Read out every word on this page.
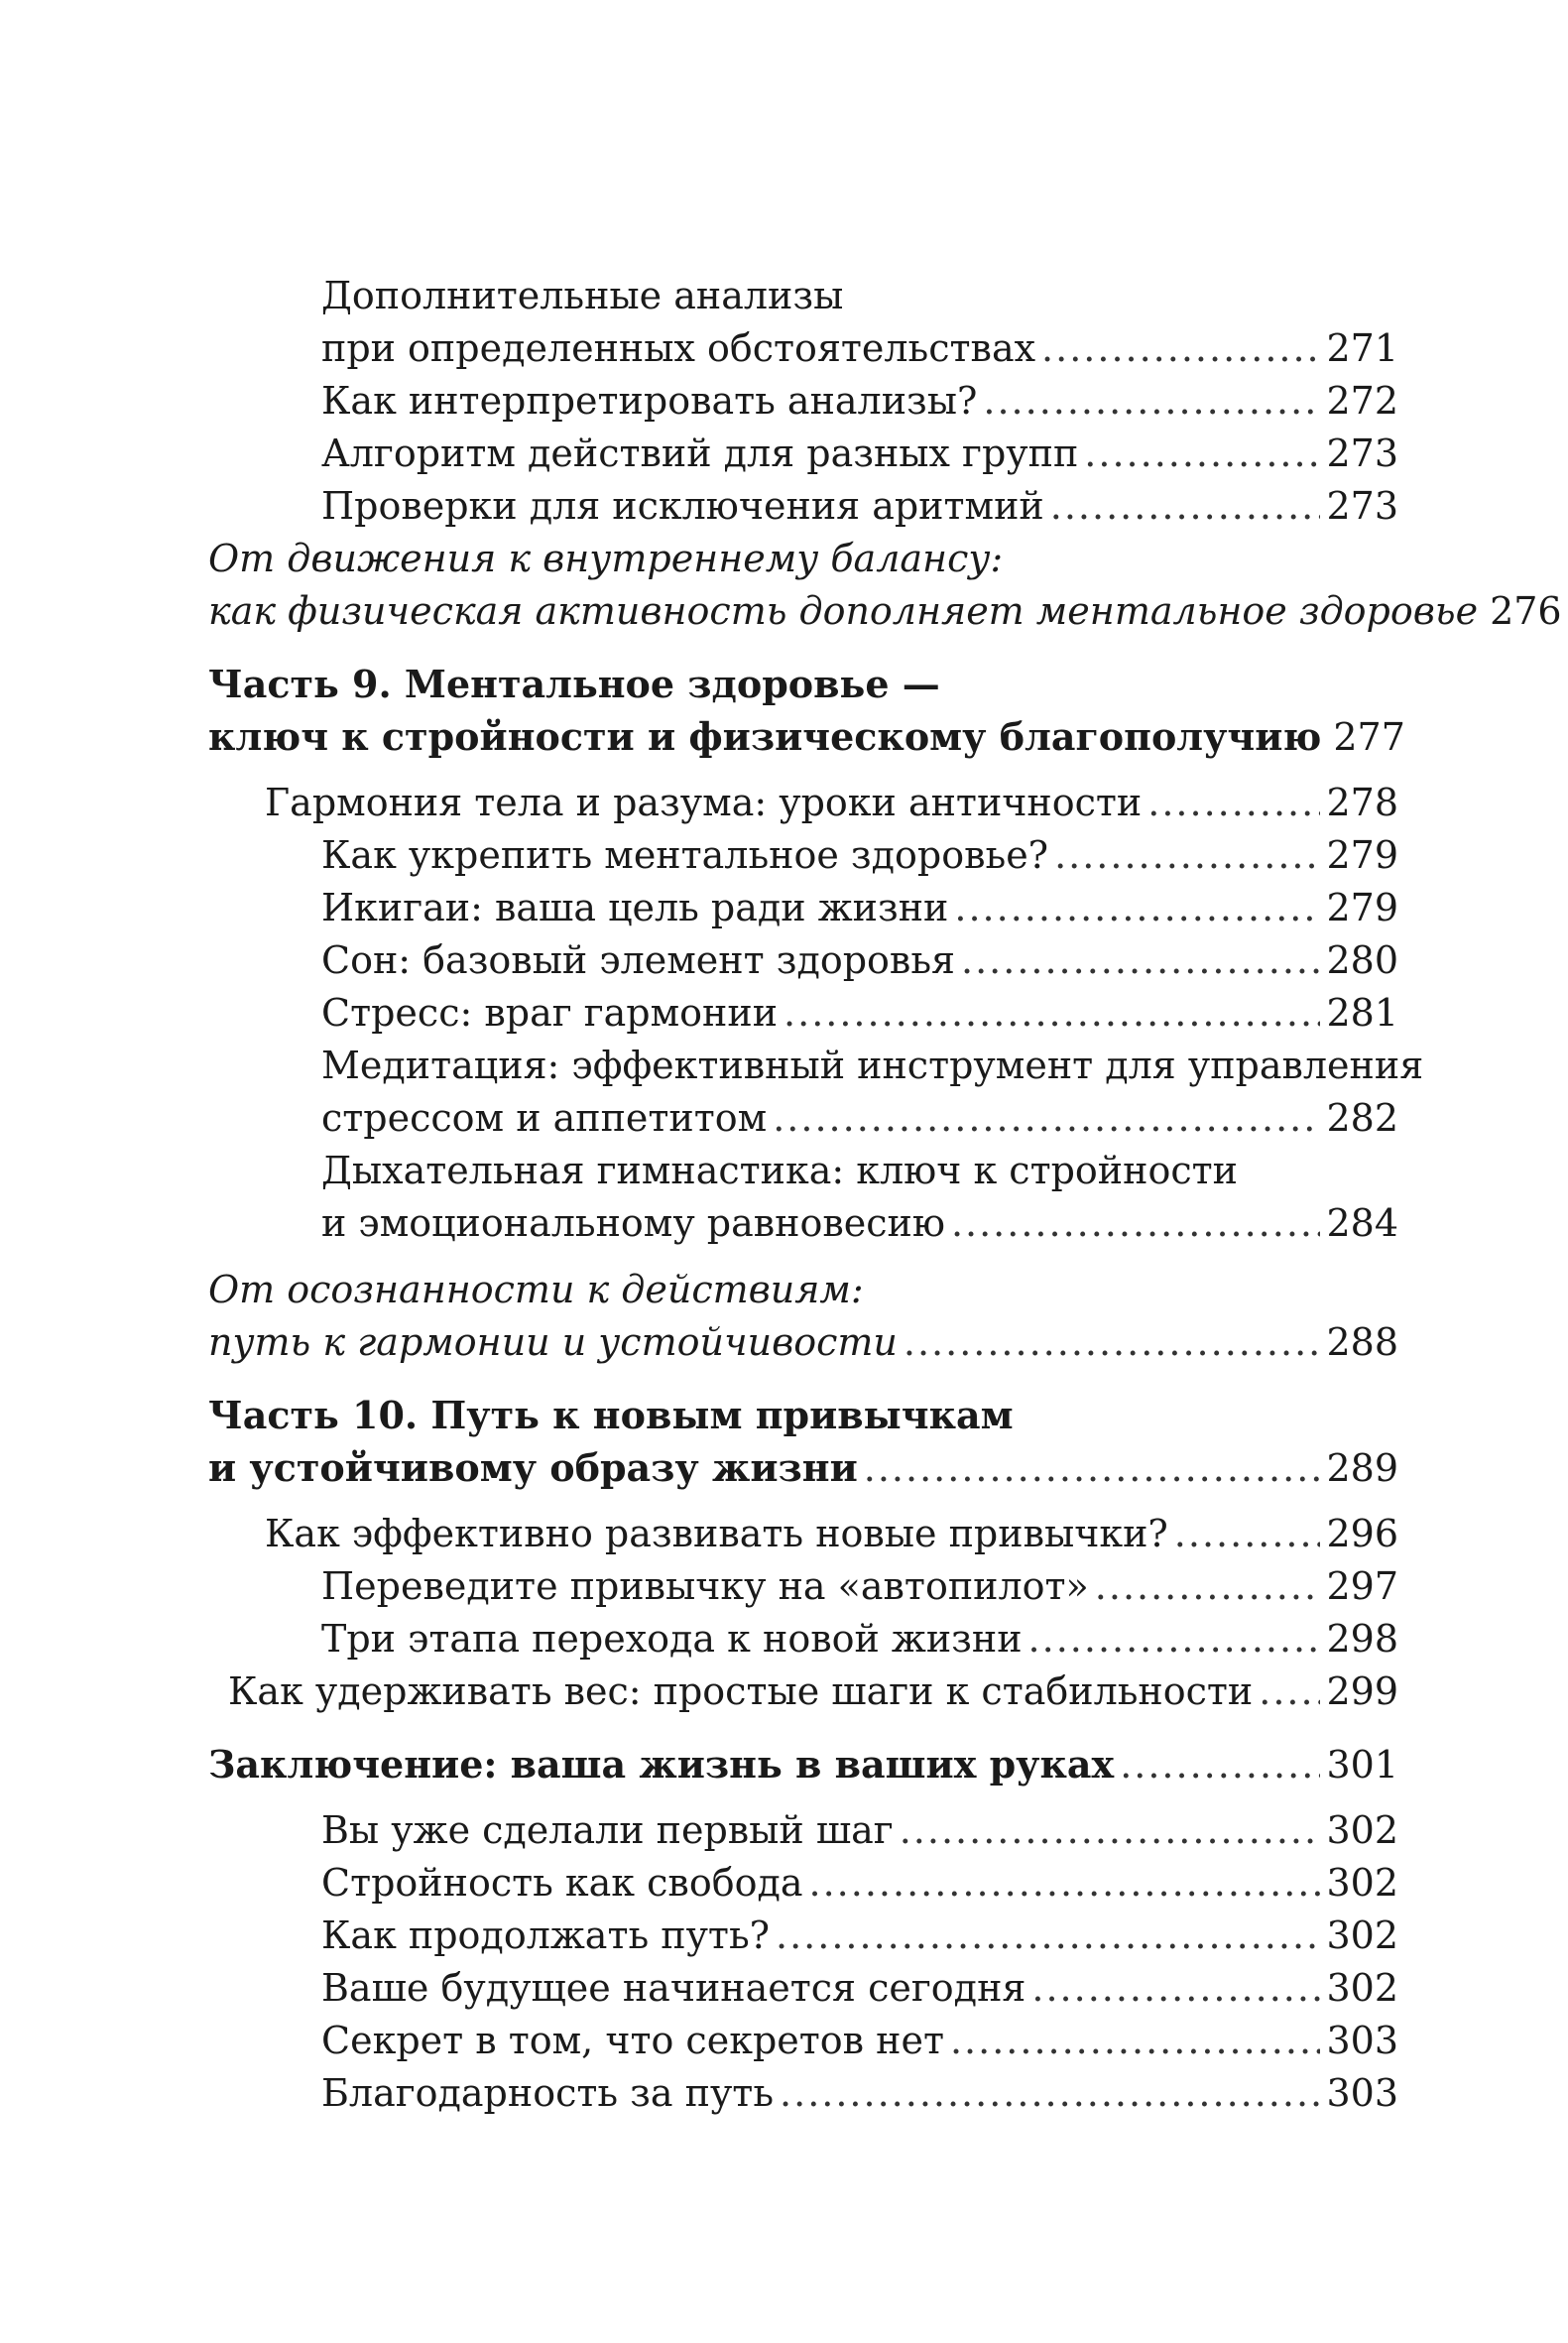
Дополнительные анализы
при определенных обстоятельствах .....	271
Как интерпретировать анализы? .....	272
Алгоритм действий для разных групп .....	273
Проверки для исключения аритмий .....	273
От движения к внутреннему балансу:
как физическая активность дополняет ментальное здоровье 276
Часть 9. Ментальное здоровье —
ключ к стройности и физическому благополучию 277
Гармония тела и разума: уроки античности .....	278
Как укрепить ментальное здоровье? .....	279
Икигаи: ваша цель ради жизни .....	279
Сон: базовый элемент здоровья .....	280
Стресс: враг гармонии .....	281
Медитация: эффективный инструмент для управления
стрессом и аппетитом .....	282
Дыхательная гимнастика: ключ к стройности
и эмоциональному равновесию .....	284
От осознанности к действиям:
путь к гармонии и устойчивости .....	288
Часть 10. Путь к новым привычкам
и устойчивому образу жизни .....	289
Как эффективно развивать новые привычки? .....	296
Переведите привычку на «автопилот» .....	297
Три этапа перехода к новой жизни .....	298
Как удерживать вес: простые шаги к стабильности ..... 299
Заключение: ваша жизнь в ваших руках .....	301
Вы уже сделали первый шаг .....	302
Стройность как свобода .....	302
Как продолжать путь? .....	302
Ваше будущее начинается сегодня .....	302
Секрет в том, что секретов нет .....	303
Благодарность за путь .....	303
